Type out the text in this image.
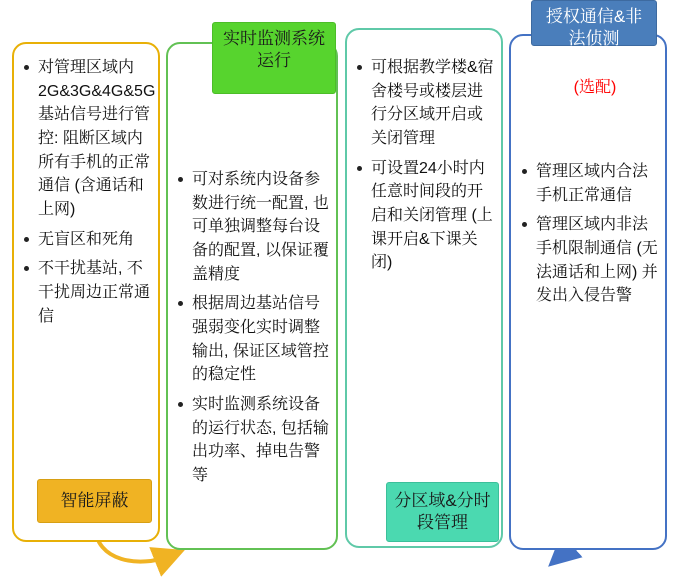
对管理区域内2G&3G&4G&5G基站信号进行管控: 阻断区域内所有手机的正常通信 (含通话和上网)
无盲区和死角
不干扰基站, 不干扰周边正常通信
可对系统内设备参数进行统一配置, 也可单独调整每台设备的配置, 以保证覆盖精度
根据周边基站信号强弱变化实时调整输出, 保证区域管控的稳定性
实时监测系统设备的运行状态, 包括输出功率、掉电告警等
可根据教学楼&宿舍楼号或楼层进行分区域开启或关闭管理
可设置24小时内任意时间段的开启和关闭管理 (上课开启&下课关闭)
管理区域内合法手机正常通信
管理区域内非法手机限制通信 (无法通话和上网) 并发出入侵告警
实时监测系统运行
授权通信&非法侦测
(选配)
智能屏蔽	分区域&分时段管理
